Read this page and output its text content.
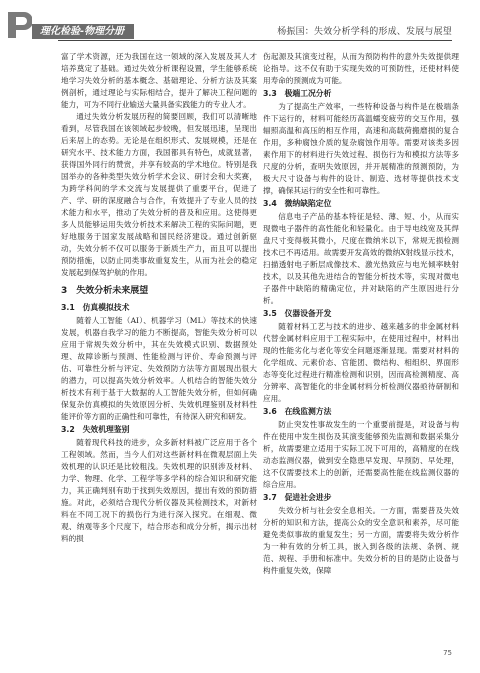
理化检验-物理分册	杨振国：失效分析学科的形成、发展与展望

富了学术资源，还为我国在这一领域的深入发展及其人才培养奠定了基础。通过失效分析课程设置，学生能够系统地学习失效分析的基本概念、基础理论、分析方法及其案例剖析，通过理论与实际相结合，提升了解决工程问题的能力，可为不同行业输送大量具备实践能力的专业人才。

通过失效分析发展历程的简要回顾，我们可以清晰地看到，尽管我国在该领域起步较晚，但发展迅速，呈现出后来居上的态势。无论是在组织形式、发展规模，还是在研究水平、技术能力方面，我国都具有特色，成就显著，获得国外同行的赞赏，并享有较高的学术地位。特别是我国举办的各种类型失效分析学术会议、研讨会和大奖赛，为跨学科间的学术交流与发展提供了重要平台，促进了产、学、研的深度融合与合作，有效提升了专业人员的技术能力和水平，推动了失效分析的普及和应用。这使得更多人员能够运用失效分析技术来解决工程的实际问题，更好地服务于国家发展战略和国民经济建设。通过创新驱动，失效分析不仅可以服务于新质生产力，而且可以提出预防措施，以防止同类事故重复发生，从而为社会的稳定发展起到保驾护航的作用。

3　失效分析未来展望
3.1　仿真模拟技术

随着人工智能（AI）、机器学习（ML）等技术的快速发展，机器自我学习的能力不断提高，智能失效分析可以应用于常规失效分析中，其在失效模式识别、数据预处理、故障诊断与预测、性能检测与评价、寿命预测与评估、可靠性分析与评定、失效预防方法等方面展现出很大的潜力，可以提高失效分析效率。人机结合的智能失效分析技术有利于基于大数据的人工智能失效分析，但如何确保复杂仿真模拟的失效原因分析、失效机理鉴别及材料性能评价等方面的正确性和可靠性，有待深入研究和研发。

3.2　失效机理鉴别

随着现代科技的进步，众多新材料被广泛应用于各个工程领域。然而，当今人们对这些新材料在微观层面上失效机理的认识还是比较粗浅。失效机理的识别涉及材料、力学、物理、化学、工程学等多学科的综合知识和研究能力，其正确判别有助于找到失效原因，提出有效的预防措施。对此，必须结合现代分析仪器及其检测技术，对新材料在不同工况下的损伤行为进行深入探究。在细观、微观、纳观等多个尺度下，结合形态和成分分析，揭示出材料的损

伤起源及其演变过程，从而为预防构件的意外失效提供理论指导。这不仅有助于实现失效的可预防性，还使材料使用寿命的预测成为可能。

3.3　极端工况分析

为了提高生产效率，一些特种设备与构件是在极端条件下运行的，材料可能经历高温蠕变疲劳的交互作用，强辐照高温和高压的相互作用，高速和高载荷搬磨损的复合作用，多种腐蚀介质的复杂腐蚀作用等。需要对该类多因素作用下的材料进行失效过程、损伤行为和模拟方法等多尺度的分析，查明失效原因，并开展精准的预测预防，为极大尺寸设备与构件的设计、制造、选材等提供技术支撑，确保其运行的安全性和可靠性。

3.4　微纳缺陷定位

信息电子产品的基本特征是轻、薄、短、小，从而实现微电子器件的高性能化和轻量化。由于导电线宽及其焊盘尺寸变得极其微小，尺度在微纳米以下，常规无损检测技术已不再适用。故需要开发高效的微纳X射线显示技术，扫描透射电子断层成像技术、激光热致应与电光倾率映射技术，以及其他先进结合的智能分析技术等，实现对微电子器件中缺陷的精确定位，并对缺陷的产生原因进行分析。

3.5　仪器设备开发

随着材料工艺与技术的进步、越来越多的非金属材料代替金属材料应用于工程实际中，在使用过程中，材料出现的性能劣化与老化等安全问题逐渐显现。需要对材料的化学组成、元素价态、官能团、微结构、相组织、界面形态等变化过程进行精准检测和识别，因而高检测精度、高分辨率、高智能化的非金属材料分析检测仪器亟待研制和应用。

3.6　在线监测方法

防止突发性事故发生的一个重要前提是，对设备与构件在使用中发生损伤及其演变能够预先监测和数据采集分析，故需要建立适用于实际工况下可用的，高精度的在线动态监测仪器，做到安全隐患早发现、早预防、早处理，这不仅需要技术上的创新，还需要高性能在线监测仪器的综合应用。

3.7　促进社会进步

失效分析与社会安全息相关。一方面，需要普及失效分析的知识和方法，提高公众的安全意识和素养，尽可能避免类似事故的重复发生；另一方面，需要将失效分析作为一种有效的分析工具，嵌入到各级的法规、条例、规范、规程、手册和标准中。失效分析的目的是防止设备与构件重复失效，保障

75
